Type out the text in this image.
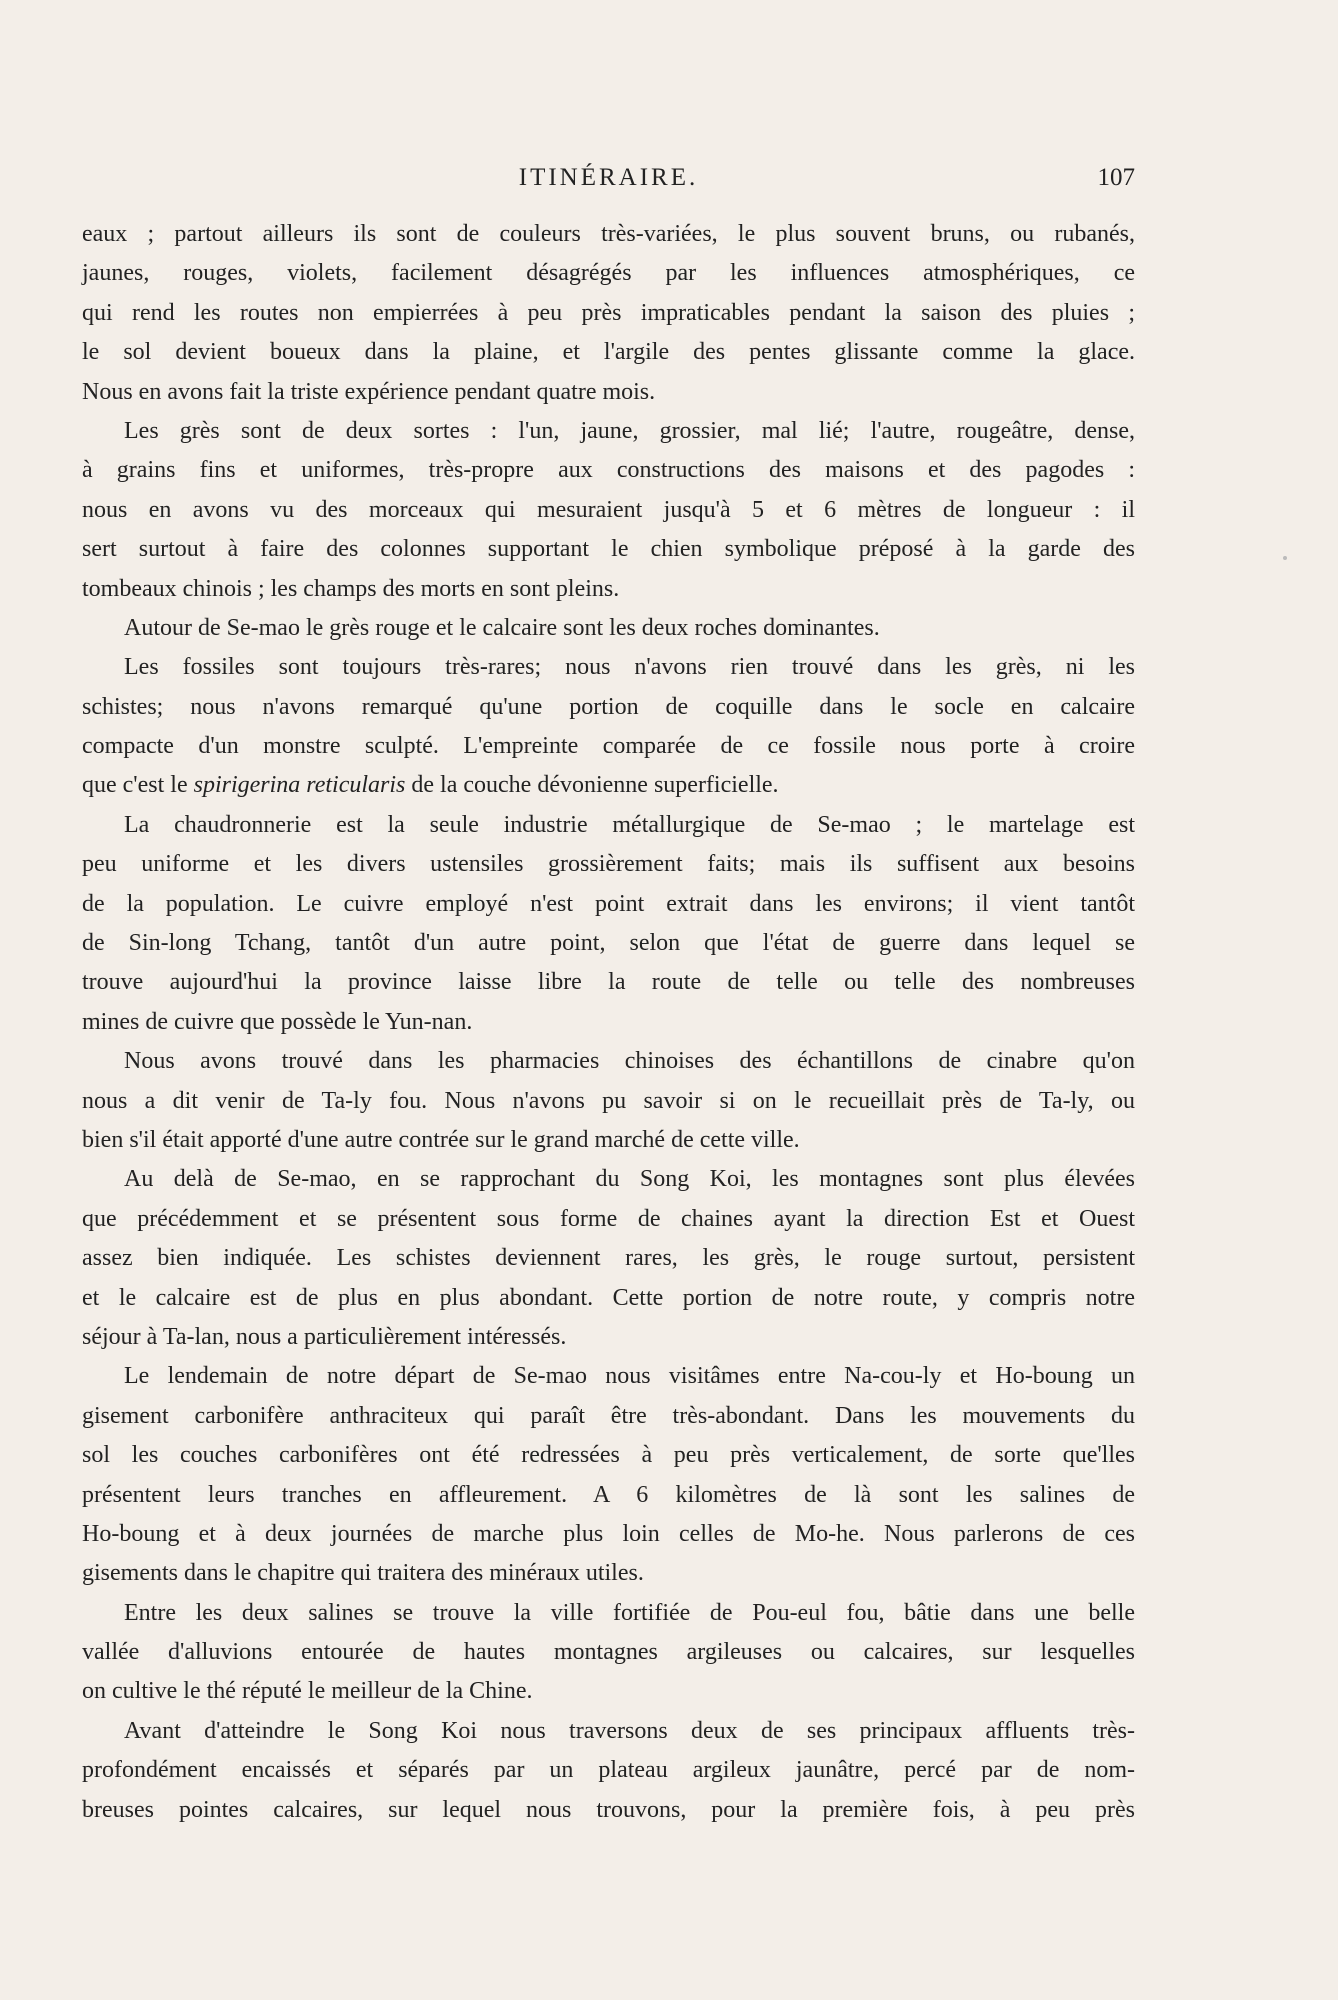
ITINÉRAIRE.	107
eaux ; partout ailleurs ils sont de couleurs très-variées, le plus souvent bruns, ou rubanés,
jaunes, rouges, violets, facilement désagrégés par les influences atmosphériques, ce
qui rend les routes non empierrées à peu près impraticables pendant la saison des pluies ;
le sol devient boueux dans la plaine, et l'argile des pentes glissante comme la glace.
Nous en avons fait la triste expérience pendant quatre mois.
Les grès sont de deux sortes : l'un, jaune, grossier, mal lié; l'autre, rougeâtre, dense,
à grains fins et uniformes, très-propre aux constructions des maisons et des pagodes :
nous en avons vu des morceaux qui mesuraient jusqu'à 5 et 6 mètres de longueur : il
sert surtout à faire des colonnes supportant le chien symbolique préposé à la garde des
tombeaux chinois ; les champs des morts en sont pleins.
Autour de Se-mao le grès rouge et le calcaire sont les deux roches dominantes.
Les fossiles sont toujours très-rares; nous n'avons rien trouvé dans les grès, ni les
schistes; nous n'avons remarqué qu'une portion de coquille dans le socle en calcaire
compacte d'un monstre sculpté. L'empreinte comparée de ce fossile nous porte à croire
que c'est le spirigerina reticularis de la couche dévonienne superficielle.
La chaudronnerie est la seule industrie métallurgique de Se-mao ; le martelage est
peu uniforme et les divers ustensiles grossièrement faits; mais ils suffisent aux besoins
de la population. Le cuivre employé n'est point extrait dans les environs; il vient tantôt
de Sin-long Tchang, tantôt d'un autre point, selon que l'état de guerre dans lequel se
trouve aujourd'hui la province laisse libre la route de telle ou telle des nombreuses
mines de cuivre que possède le Yun-nan.
Nous avons trouvé dans les pharmacies chinoises des échantillons de cinabre qu'on
nous a dit venir de Ta-ly fou. Nous n'avons pu savoir si on le recueillait près de Ta-ly, ou
bien s'il était apporté d'une autre contrée sur le grand marché de cette ville.
Au delà de Se-mao, en se rapprochant du Song Koi, les montagnes sont plus élevées
que précédemment et se présentent sous forme de chaines ayant la direction Est et Ouest
assez bien indiquée. Les schistes deviennent rares, les grès, le rouge surtout, persistent
et le calcaire est de plus en plus abondant. Cette portion de notre route, y compris notre
séjour à Ta-lan, nous a particulièrement intéressés.
Le lendemain de notre départ de Se-mao nous visitâmes entre Na-cou-ly et Ho-boung un
gisement carbonifère anthraciteux qui paraît être très-abondant. Dans les mouvements du
sol les couches carbonifères ont été redressées à peu près verticalement, de sorte que'lles
présentent leurs tranches en affleurement. A 6 kilomètres de là sont les salines de
Ho-boung et à deux journées de marche plus loin celles de Mo-he. Nous parlerons de ces
gisements dans le chapitre qui traitera des minéraux utiles.
Entre les deux salines se trouve la ville fortifiée de Pou-eul fou, bâtie dans une belle
vallée d'alluvions entourée de hautes montagnes argileuses ou calcaires, sur lesquelles
on cultive le thé réputé le meilleur de la Chine.
Avant d'atteindre le Song Koi nous traversons deux de ses principaux affluents très-
profondément encaissés et séparés par un plateau argileux jaunâtre, percé par de nom-
breuses pointes calcaires, sur lequel nous trouvons, pour la première fois, à peu près
